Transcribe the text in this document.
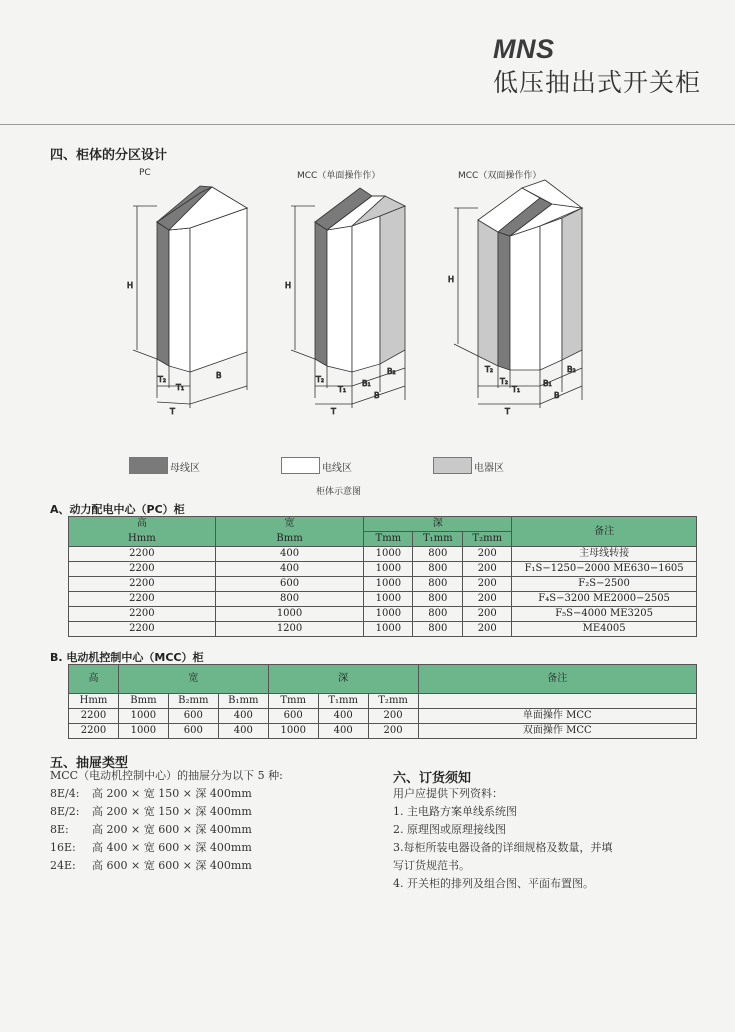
MNS
低压抽出式开关柜
四、柜体的分区设计
H
T₂
T₁
T
B
H
T₂
T₁
T
B₁
B₂
B
H
T₂
T₂
T₁
T
B₁
B₂
B
PC	MCC（单面操作作）	MCC（双面操作作）
母线区	电线区	电器区
柜体示意图
A、动力配电中心（PC）柜
高	宽	深			备注
Hmm	Bmm	Tmm	T₁mm	T₂mm	
2200	400	1000	800	200	主母线转接
2200	400	1000	800	200	F₁S−1250−2000 ME630−1605
2200	600	1000	800	200	F₂S−2500
2200	800	1000	800	200	F₄S−3200 ME2000−2505
2200	1000	1000	800	200	F₅S−4000 ME3205
2200	1200	1000	800	200	ME4005
B. 电动机控制中心（MCC）柜
高	宽			深			备注
Hmm	Bmm	B₂mm	B₁mm	Tmm	T₁mm	T₂mm	
2200	1000	600	400	600	400	200	单面操作 MCC
2200	1000	600	400	1000	400	200	双面操作 MCC
五、抽屉类型
MCC（电动机控制中心）的抽屉分为以下 5 种:
8E/4: 高 200 × 宽 150 × 深 400mm
8E/2: 高 200 × 宽 150 × 深 400mm
8E: 高 200 × 宽 600 × 深 400mm
16E: 高 400 × 宽 600 × 深 400mm
24E: 高 600 × 宽 600 × 深 400mm
六、订货须知
用户应提供下列资料：
1. 主电路方案单线系统图
2. 原理图或原理接线图
3.每柜所装电器设备的详细规格及数量，并填
写订货规范书。
4. 开关柜的排列及组合图、平面布置图。
